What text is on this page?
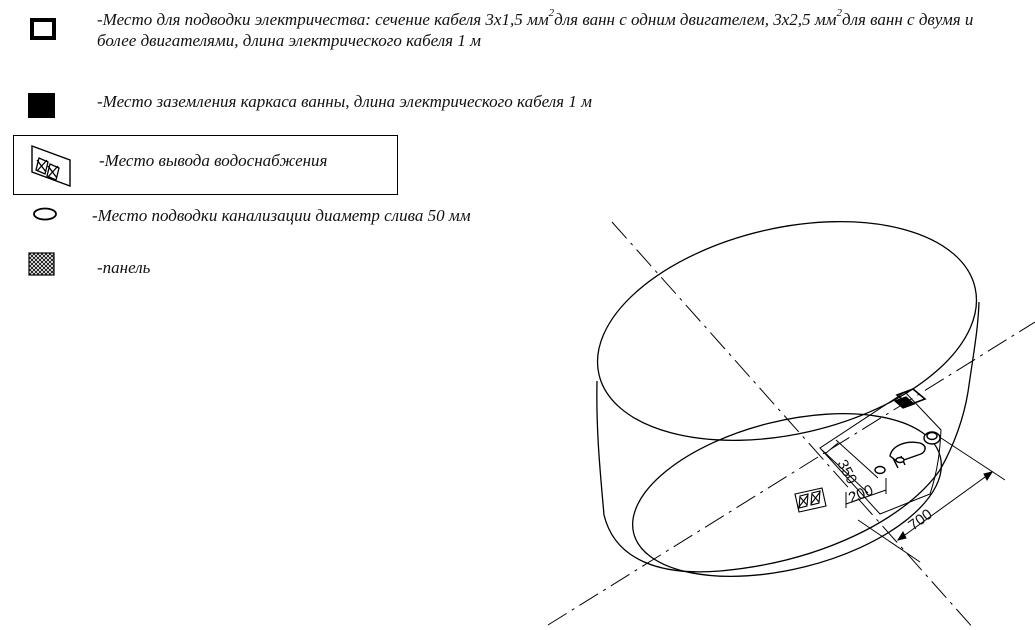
-Место для подводки электричества: сечение кабеля 3х1,5 $мм^2для$ ванн с одним двигателем, 3х2,5 $мм^2для$ ванн с двумя и
более двигателями, длина электрического кабеля 1 м
-Место заземления каркаса ванны, длина электрического кабеля 1 м
-Место вывода водоснабжения
-Место подводки канализации диаметр слива 50 мм
-панель
350
200
700
